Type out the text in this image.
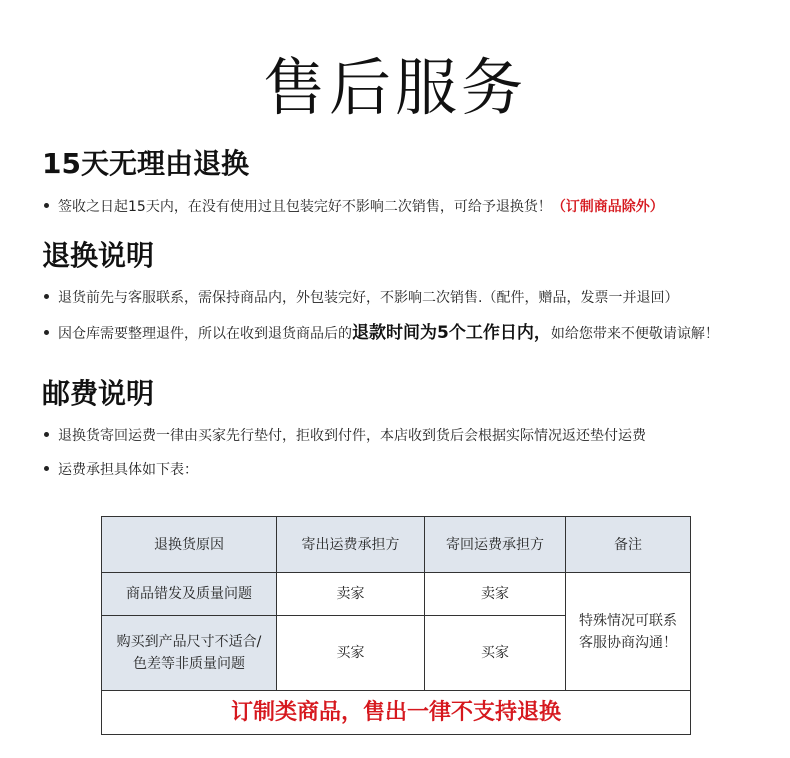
售后服务
15天无理由退换
签收之日起15天内，在没有使用过且包装完好不影响二次销售，可给予退换货！（订制商品除外）
退换说明
退货前先与客服联系，需保持商品内，外包装完好，不影响二次销售.（配件，赠品，发票一并退回）
因仓库需要整理退件，所以在收到退货商品后的退款时间为5个工作日内，如给您带来不便敬请谅解！
邮费说明
退换货寄回运费一律由买家先行垫付，拒收到付件，本店收到货后会根据实际情况返还垫付运费
运费承担具体如下表：
退换货原因	寄出运费承担方	寄回运费承担方	备注
商品错发及质量问题	卖家	卖家	特殊情况可联系
客服协商沟通！

购买到产品尺寸不适合/
色差等非质量问题	买家	买家	
订制类商品，售出一律不支持退换			
